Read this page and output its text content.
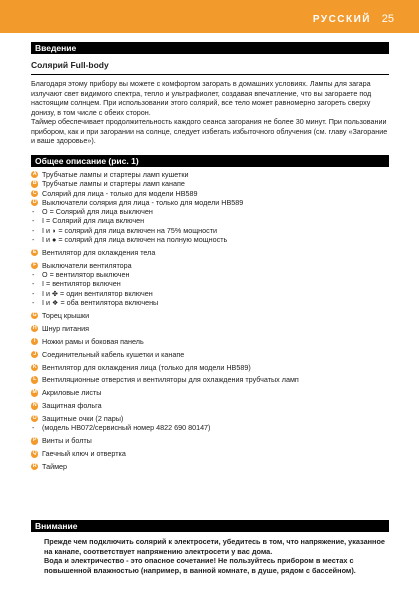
РУССКИЙ 25
Введение
Солярий Full-body
Благодаря этому прибору вы можете с комфортом загорать в домашних условиях. Лампы для загара излучают свет видимого спектра, тепло и ультрафиолет, создавая впечатление, что вы загораете под настоящим солнцем. При использовании этого солярий, все тело может равномерно загореть сверху донизу, в том числе с обеих сторон.
Таймер обеспечивает продолжительность каждого сеанса загорания не более 30 минут. При пользовании прибором, как и при загорании на солнце, следует избегать избыточного облучения (см. главу «Загорание и ваше здоровье»).
Общее описание (рис. 1)
A Трубчатые лампы и стартеры ламп кушетки
B Трубчатые лампы и стартеры ламп канапе
C Солярий для лица - только для модели HB589
D Выключатели солярия для лица - только для модели HB589
- O = Солярий для лица выключен
- I = Солярий для лица включен
- I и ◗ = солярий для лица включен на 75% мощности
- I и ● = солярий для лица включен на полную мощность
E Вентилятор для охлаждения тела
F Выключатели вентилятора
- O = вентилятор выключен
- I = вентилятор включен
- I и ✤ = один вентилятор включен
- I и ❖ = оба вентилятора включены
G Торец крышки
H Шнур питания
I Ножки рамы и боковая панель
J Соединительный кабель кушетки и канапе
K Вентилятор для охлаждения лица (только для модели HB589)
L Вентиляционные отверстия и вентиляторы для охлаждения трубчатых ламп
M Акриловые листы
N Защитная фольга
O Защитные очки (2 пары)
- (модель HB072/сервисный номер 4822 690 80147)
P Винты и болты
Q Гаечный ключ и отвертка
R Таймер
Внимание
Прежде чем подключить солярий к электросети, убедитесь в том, что напряжение, указанное на канапе, соответствует напряжению электросети у вас дома.
Вода и электричество - это опасное сочетание! Не пользуйтесь прибором в местах с повышенной влажностью (например, в ванной комнате, в душе, рядом с бассейном).
